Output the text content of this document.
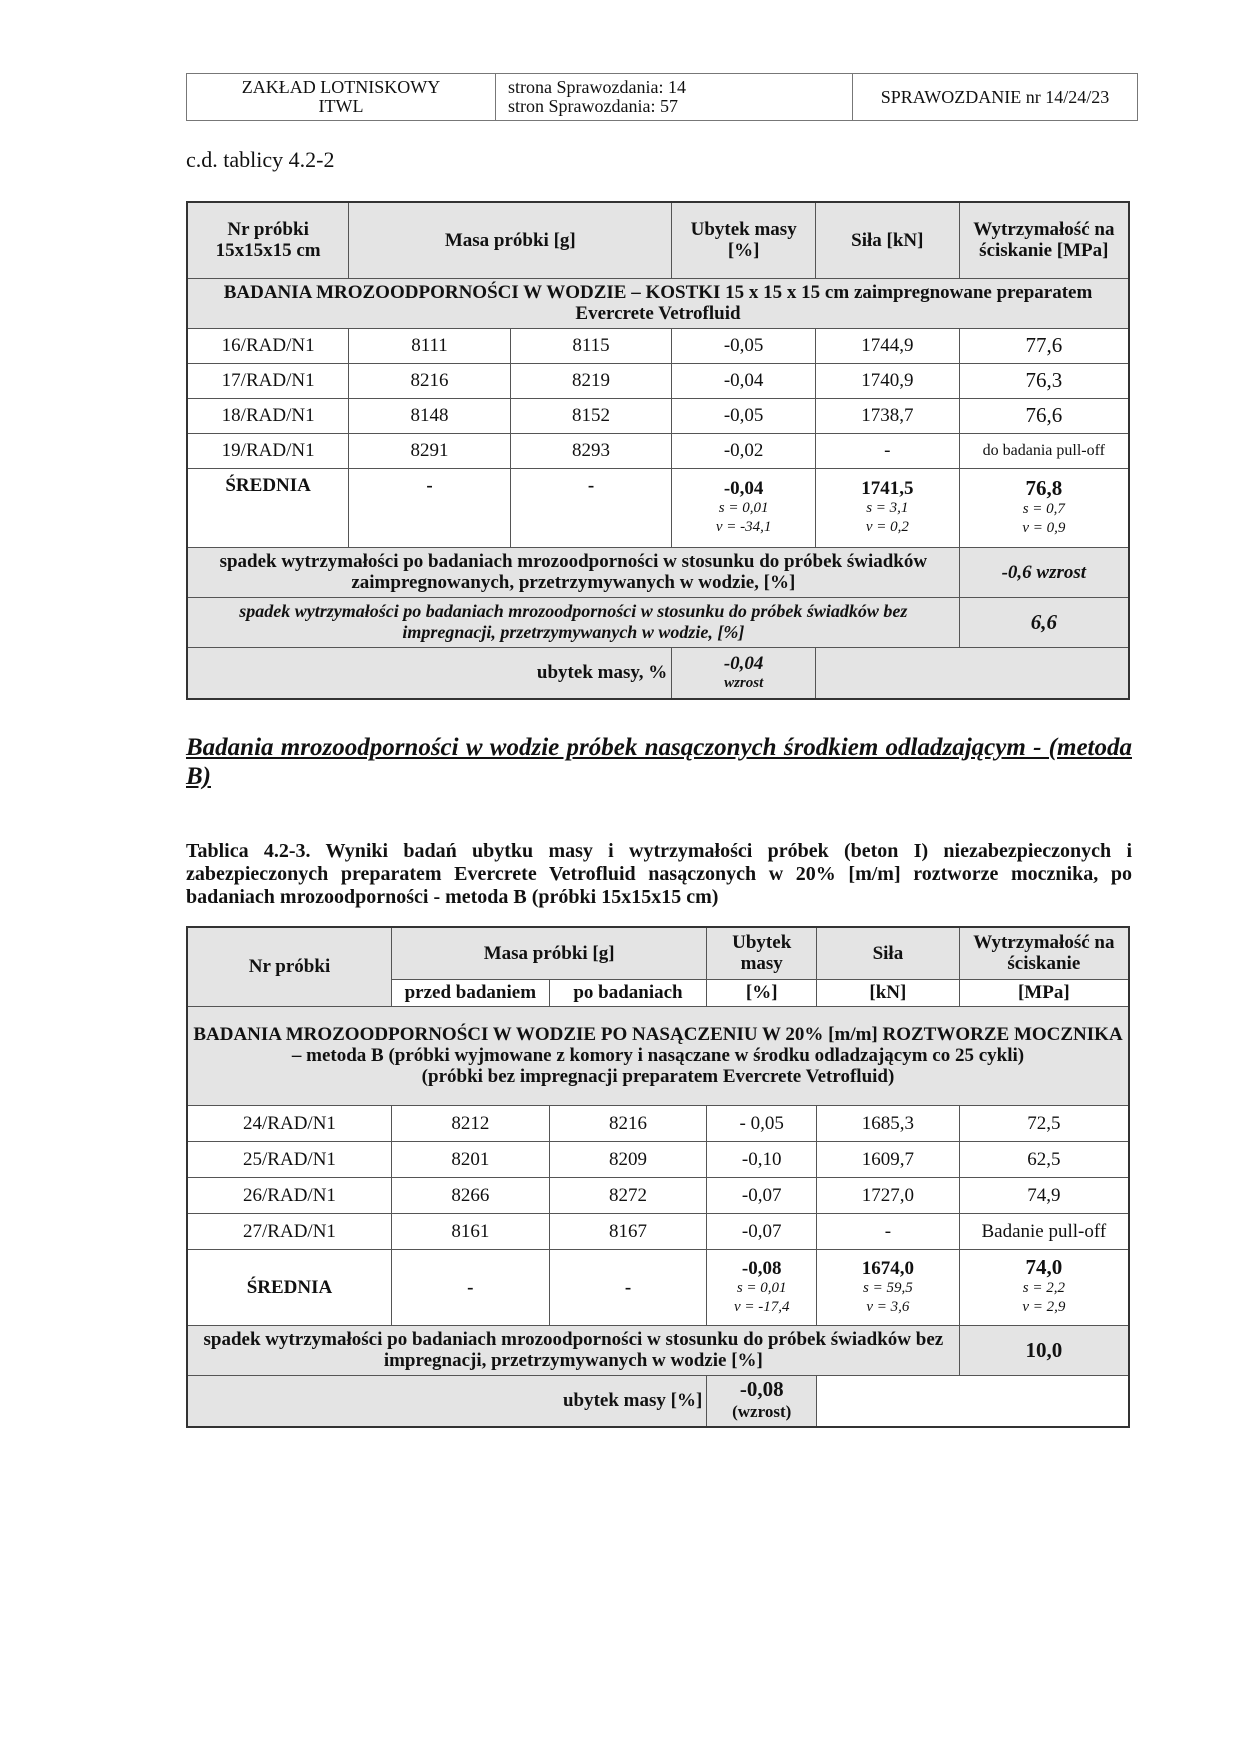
ZAKŁAD LOTNISKOWY
ITWL	strona Sprawozdania: 14
stron Sprawozdania: 57	SPRAWOZDANIE nr 14/24/23
c.d. tablicy 4.2-2
Nr próbki 15x15x15 cm	Masa próbki [g]		Ubytek masy [%]	Siła [kN]	Wytrzymałość na ściskanie [MPa]
BADANIA MROZOODPORNOŚCI W WODZIE – KOSTKI 15 x 15 x 15 cm zaimpregnowane preparatem Evercrete Vetrofluid					
16/RAD/N1	8111	8115	-0,05	1744,9	77,6
17/RAD/N1	8216	8219	-0,04	1740,9	76,3
18/RAD/N1	8148	8152	-0,05	1738,7	76,6
19/RAD/N1	8291	8293	-0,02	-	do badania pull-off
ŚREDNIA	-	-	-0,04
s = 0,01
v = -34,1	1741,5
s = 3,1
v = 0,2	76,8
s = 0,7
v = 0,9

spadek wytrzymałości po badaniach mrozoodporności w stosunku do próbek świadków zaimpregnowanych, przetrzymywanych w wodzie, [%]					-0,6 wzrost
spadek wytrzymałości po badaniach mrozoodporności w stosunku do próbek świadków bez impregnacji, przetrzymywanych w wodzie, [%]					6,6
ubytek masy, %			-0,04
wzrost		

Badania mrozoodporności w wodzie próbek nasączonych środkiem odladzającym - (metoda B)
Tablica 4.2-3. Wyniki badań ubytku masy i wytrzymałości próbek (beton I) niezabezpieczonych i zabezpieczonych preparatem Evercrete Vetrofluid nasączonych w 20% [m/m] roztworze mocznika, po badaniach mrozoodporności - metoda B (próbki 15x15x15 cm)
Nr próbki	Masa próbki [g]		Ubytek masy	Siła	Wytrzymałość na ściskanie
	przed badaniem	po badaniach	[%]	[kN]	[MPa]
BADANIA MROZOODPORNOŚCI W WODZIE PO NASĄCZENIU W 20% [m/m] ROZTWORZE MOCZNIKA – metoda B (próbki wyjmowane z komory i nasączane w środku odladzającym co 25 cykli)
(próbki bez impregnacji preparatem Evercrete Vetrofluid)					
24/RAD/N1	8212	8216	- 0,05	1685,3	72,5
25/RAD/N1	8201	8209	-0,10	1609,7	62,5
26/RAD/N1	8266	8272	-0,07	1727,0	74,9
27/RAD/N1	8161	8167	-0,07	-	Badanie pull-off
ŚREDNIA	-	-	-0,08
s = 0,01
v = -17,4	1674,0
s = 59,5
v = 3,6	74,0
s = 2,2
v = 2,9

spadek wytrzymałości po badaniach mrozoodporności w stosunku do próbek świadków bez impregnacji, przetrzymywanych w wodzie [%]					10,0
ubytek masy [%]			-0,08
(wzrost)		
